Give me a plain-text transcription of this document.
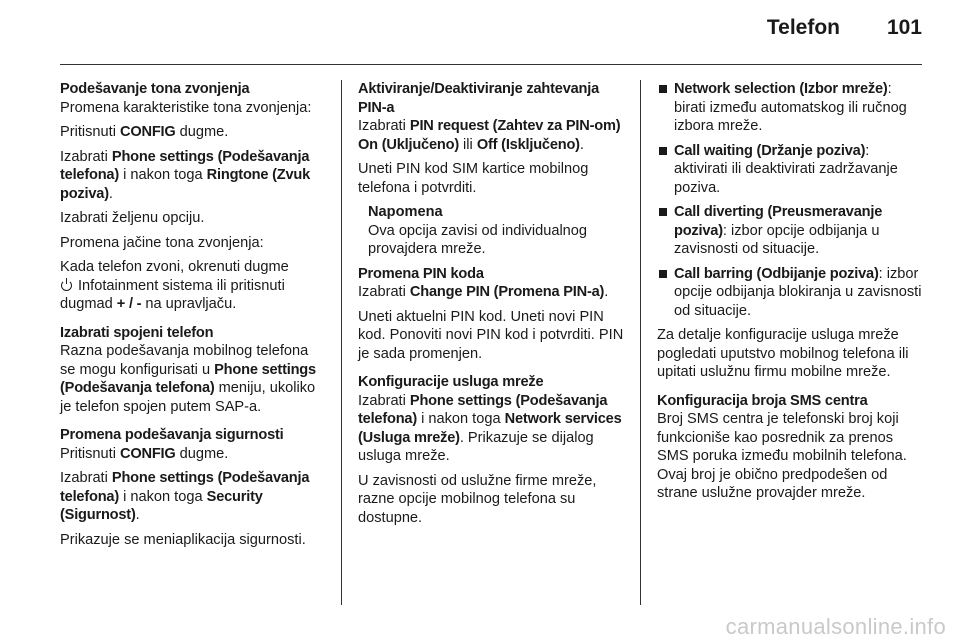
Telefon 101

Podešavanje tona zvonjenja

Promena karakteristike tona zvonjenja:

Pritisnuti CONFIG dugme.

Izabrati Phone settings (Podešavanja telefona) i nakon toga Ringtone (Zvuk poziva).

Izabrati željenu opciju.

Promena jačine tona zvonjenja:

Kada telefon zvoni, okrenuti dugme
Infotainment sistema ili pritisnuti dugmad + / - na upravljaču.

Izabrati spojeni telefon

Razna podešavanja mobilnog telefona se mogu konfigurisati u Phone settings (Podešavanja telefona) meniju, ukoliko je telefon spojen putem SAP-a.

Promena podešavanja sigurnosti

Pritisnuti CONFIG dugme.

Izabrati Phone settings (Podešavanja telefona) i nakon toga Security (Sigurnost).

Prikazuje se meniaplikacija sigurnosti.

Aktiviranje/Deaktiviranje zahtevanja PIN-a

Izabrati PIN request (Zahtev za PIN-om) On (Uključeno) ili Off (Isključeno).

Uneti PIN kod SIM kartice mobilnog telefona i potvrditi.

Napomena
Ova opcija zavisi od individualnog provajdera mreže.

Promena PIN koda

Izabrati Change PIN (Promena PIN-a).

Uneti aktuelni PIN kod. Uneti novi PIN kod. Ponoviti novi PIN kod i potvrditi. PIN je sada promenjen.

Konfiguracije usluga mreže

Izabrati Phone settings (Podešavanja telefona) i nakon toga Network services (Usluga mreže). Prikazuje se dijalog usluga mreže.

U zavisnosti od uslužne firme mreže, razne opcije mobilnog telefona su dostupne.

Network selection (Izbor mreže): birati između automatskog ili ručnog izbora mreže.
Call waiting (Držanje poziva): aktivirati ili deaktivirati zadržavanje poziva.
Call diverting (Preusmeravanje poziva): izbor opcije odbijanja u zavisnosti od situacije.
Call barring (Odbijanje poziva): izbor opcije odbijanja blokiranja u zavisnosti od situacije.

Za detalje konfiguracije usluga mreže pogledati uputstvo mobilnog telefona ili upitati uslužnu firmu mobilne mreže.

Konfiguracija broja SMS centra

Broj SMS centra je telefonski broj koji funkcioniše kao posrednik za prenos SMS poruka između mobilnih telefona. Ovaj broj je obično predpodešen od strane uslužne provajder mreže.

carmanualsonline.info
